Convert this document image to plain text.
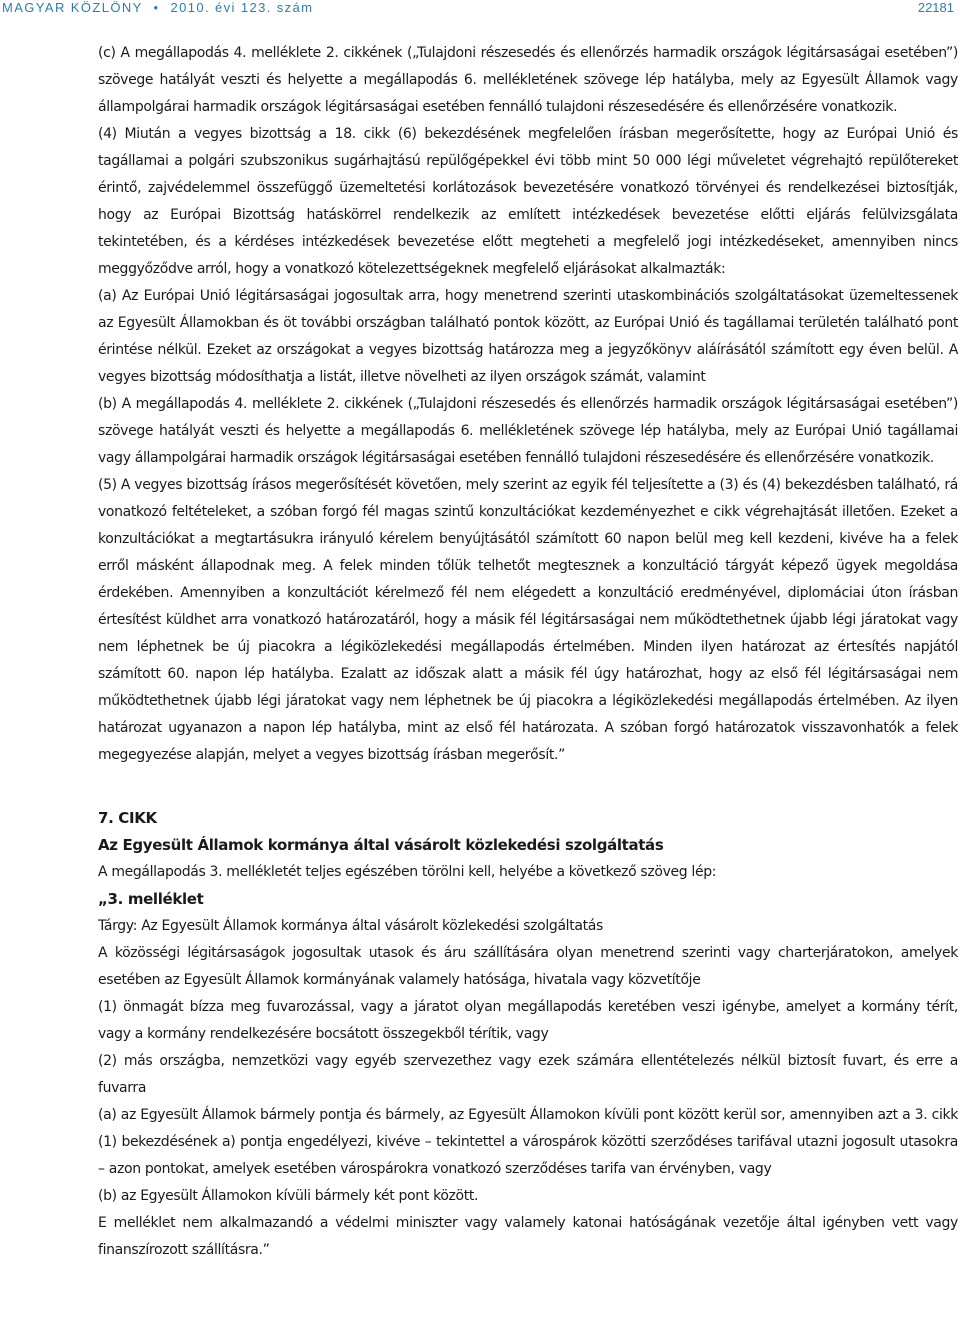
MAGYAR KÖZLÖNY • 2010. évi 123. szám	22181

(c) A megállapodás 4. melléklete 2. cikkének („Tulajdoni részesedés és ellenőrzés harmadik országok légitársaságai esetében”) szövege hatályát veszti és helyette a megállapodás 6. mellékletének szövege lép hatályba, mely az Egyesült Államok vagy állampolgárai harmadik országok légitársaságai esetében fennálló tulajdoni részesedésére és ellenőrzésére vonatkozik.

(4) Miután a vegyes bizottság a 18. cikk (6) bekezdésének megfelelően írásban megerősítette, hogy az Európai Unió és tagállamai a polgári szubszonikus sugárhajtású repülőgépekkel évi több mint 50 000 légi műveletet végrehajtó repülőtereket érintő, zajvédelemmel összefüggő üzemeltetési korlátozások bevezetésére vonatkozó törvényei és rendelkezései biztosítják, hogy az Európai Bizottság hatáskörrel rendelkezik az említett intézkedések bevezetése előtti eljárás felülvizsgálata tekintetében, és a kérdéses intézkedések bevezetése előtt megteheti a megfelelő jogi intézkedéseket, amennyiben nincs meggyőződve arról, hogy a vonatkozó kötelezettségeknek megfelelő eljárásokat alkalmazták:

(a) Az Európai Unió légitársaságai jogosultak arra, hogy menetrend szerinti utaskombinációs szolgáltatásokat üzemeltessenek az Egyesült Államokban és öt további országban található pontok között, az Európai Unió és tagállamai területén található pont érintése nélkül. Ezeket az országokat a vegyes bizottság határozza meg a jegyzőkönyv aláírásától számított egy éven belül. A vegyes bizottság módosíthatja a listát, illetve növelheti az ilyen országok számát, valamint

(b) A megállapodás 4. melléklete 2. cikkének („Tulajdoni részesedés és ellenőrzés harmadik országok légitársaságai esetében”) szövege hatályát veszti és helyette a megállapodás 6. mellékletének szövege lép hatályba, mely az Európai Unió tagállamai vagy állampolgárai harmadik országok légitársaságai esetében fennálló tulajdoni részesedésére és ellenőrzésére vonatkozik.

(5) A vegyes bizottság írásos megerősítését követően, mely szerint az egyik fél teljesítette a (3) és (4) bekezdésben található, rá vonatkozó feltételeket, a szóban forgó fél magas szintű konzultációkat kezdeményezhet e cikk végrehajtását illetően. Ezeket a konzultációkat a megtartásukra irányuló kérelem benyújtásától számított 60 napon belül meg kell kezdeni, kivéve ha a felek erről másként állapodnak meg. A felek minden tőlük telhetőt megtesznek a konzultáció tárgyát képező ügyek megoldása érdekében. Amennyiben a konzultációt kérelmező fél nem elégedett a konzultáció eredményével, diplomáciai úton írásban értesítést küldhet arra vonatkozó határozatáról, hogy a másik fél légitársaságai nem működtethetnek újabb légi járatokat vagy nem léphetnek be új piacokra a légiközlekedési megállapodás értelmében. Minden ilyen határozat az értesítés napjától számított 60. napon lép hatályba. Ezalatt az időszak alatt a másik fél úgy határozhat, hogy az első fél légitársaságai nem működtethetnek újabb légi járatokat vagy nem léphetnek be új piacokra a légiközlekedési megállapodás értelmében. Az ilyen határozat ugyanazon a napon lép hatályba, mint az első fél határozata. A szóban forgó határozatok visszavonhatók a felek megegyezése alapján, melyet a vegyes bizottság írásban megerősít.”

7. CIKK

Az Egyesült Államok kormánya által vásárolt közlekedési szolgáltatás

A megállapodás 3. mellékletét teljes egészében törölni kell, helyébe a következő szöveg lép:

„3. melléklet

Tárgy: Az Egyesült Államok kormánya által vásárolt közlekedési szolgáltatás

A közösségi légitársaságok jogosultak utasok és áru szállítására olyan menetrend szerinti vagy charterjáratokon, amelyek esetében az Egyesült Államok kormányának valamely hatósága, hivatala vagy közvetítője

(1) önmagát bízza meg fuvarozással, vagy a járatot olyan megállapodás keretében veszi igénybe, amelyet a kormány térít, vagy a kormány rendelkezésére bocsátott összegekből térítik, vagy

(2) más országba, nemzetközi vagy egyéb szervezethez vagy ezek számára ellentételezés nélkül biztosít fuvart, és erre a fuvarra

(a) az Egyesült Államok bármely pontja és bármely, az Egyesült Államokon kívüli pont között kerül sor, amennyiben azt a 3. cikk (1) bekezdésének a) pontja engedélyezi, kivéve – tekintettel a várospárok közötti szerződéses tarifával utazni jogosult utasokra – azon pontokat, amelyek esetében várospárokra vonatkozó szerződéses tarifa van érvényben, vagy

(b) az Egyesült Államokon kívüli bármely két pont között.

E melléklet nem alkalmazandó a védelmi miniszter vagy valamely katonai hatóságának vezetője által igényben vett vagy finanszírozott szállításra.”
